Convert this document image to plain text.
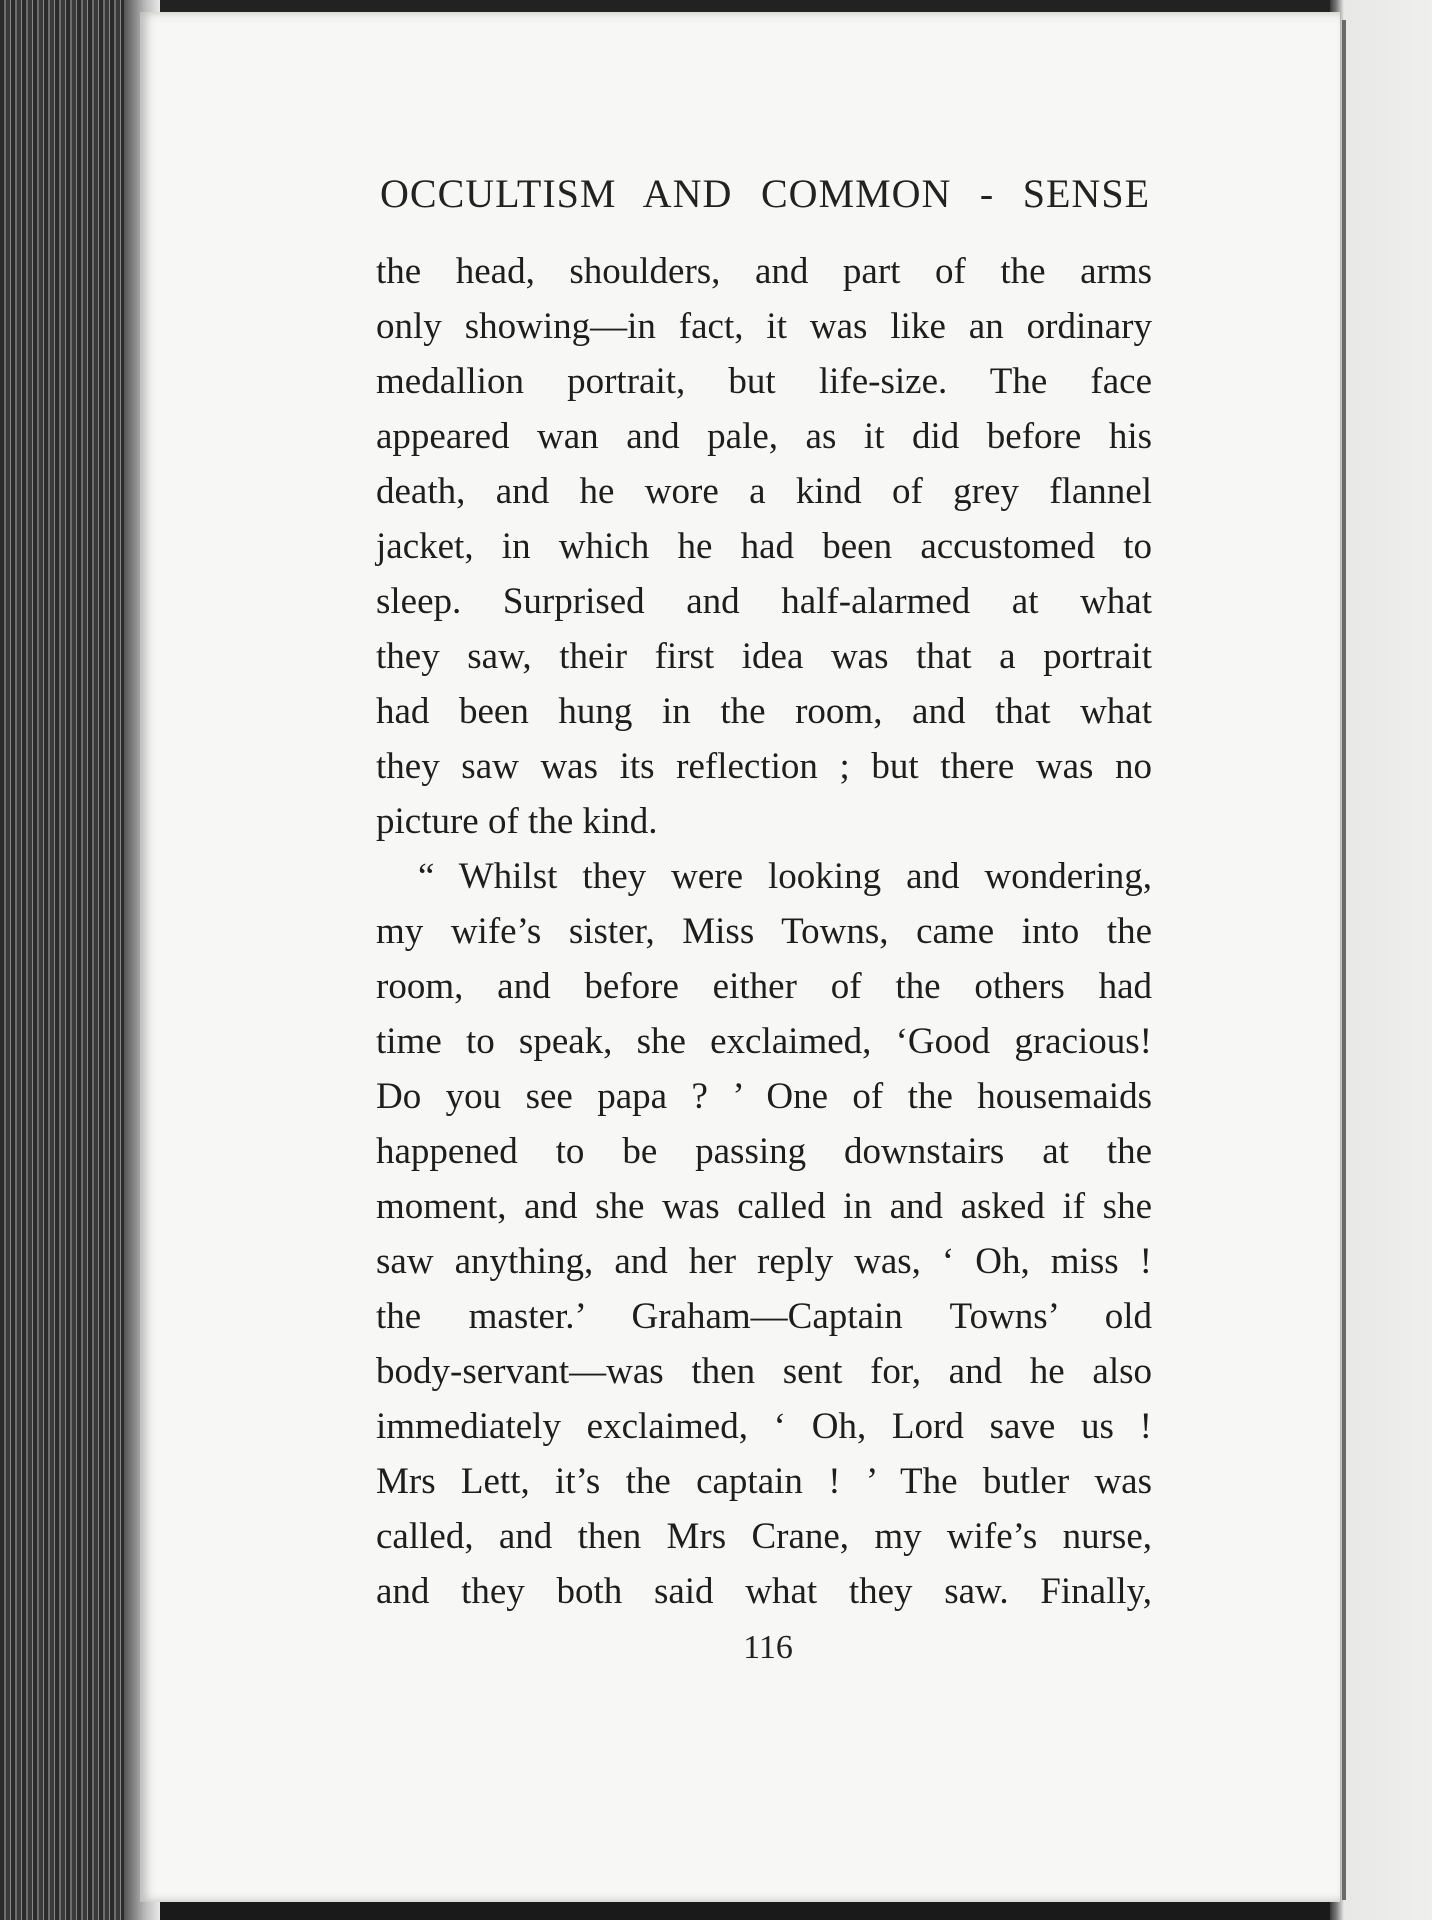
OCCULTISM AND COMMON - SENSE
the head, shoulders, and part of the arms
only showing—in fact, it was like an ordinary
medallion portrait, but life-size. The face
appeared wan and pale, as it did before his
death, and he wore a kind of grey flannel
jacket, in which he had been accustomed to
sleep. Surprised and half-alarmed at what
they saw, their first idea was that a portrait
had been hung in the room, and that what
they saw was its reflection ; but there was no
picture of the kind.
“ Whilst they were looking and wondering,
my wife’s sister, Miss Towns, came into the
room, and before either of the others had
time to speak, she exclaimed, ‘Good gracious!
Do you see papa ? ’ One of the housemaids
happened to be passing downstairs at the
moment, and she was called in and asked if she
saw anything, and her reply was, ‘ Oh, miss !
the master.’ Graham—Captain Towns’ old
body-servant—was then sent for, and he also
immediately exclaimed, ‘ Oh, Lord save us !
Mrs Lett, it’s the captain ! ’ The butler was
called, and then Mrs Crane, my wife’s nurse,
and they both said what they saw. Finally,
116
